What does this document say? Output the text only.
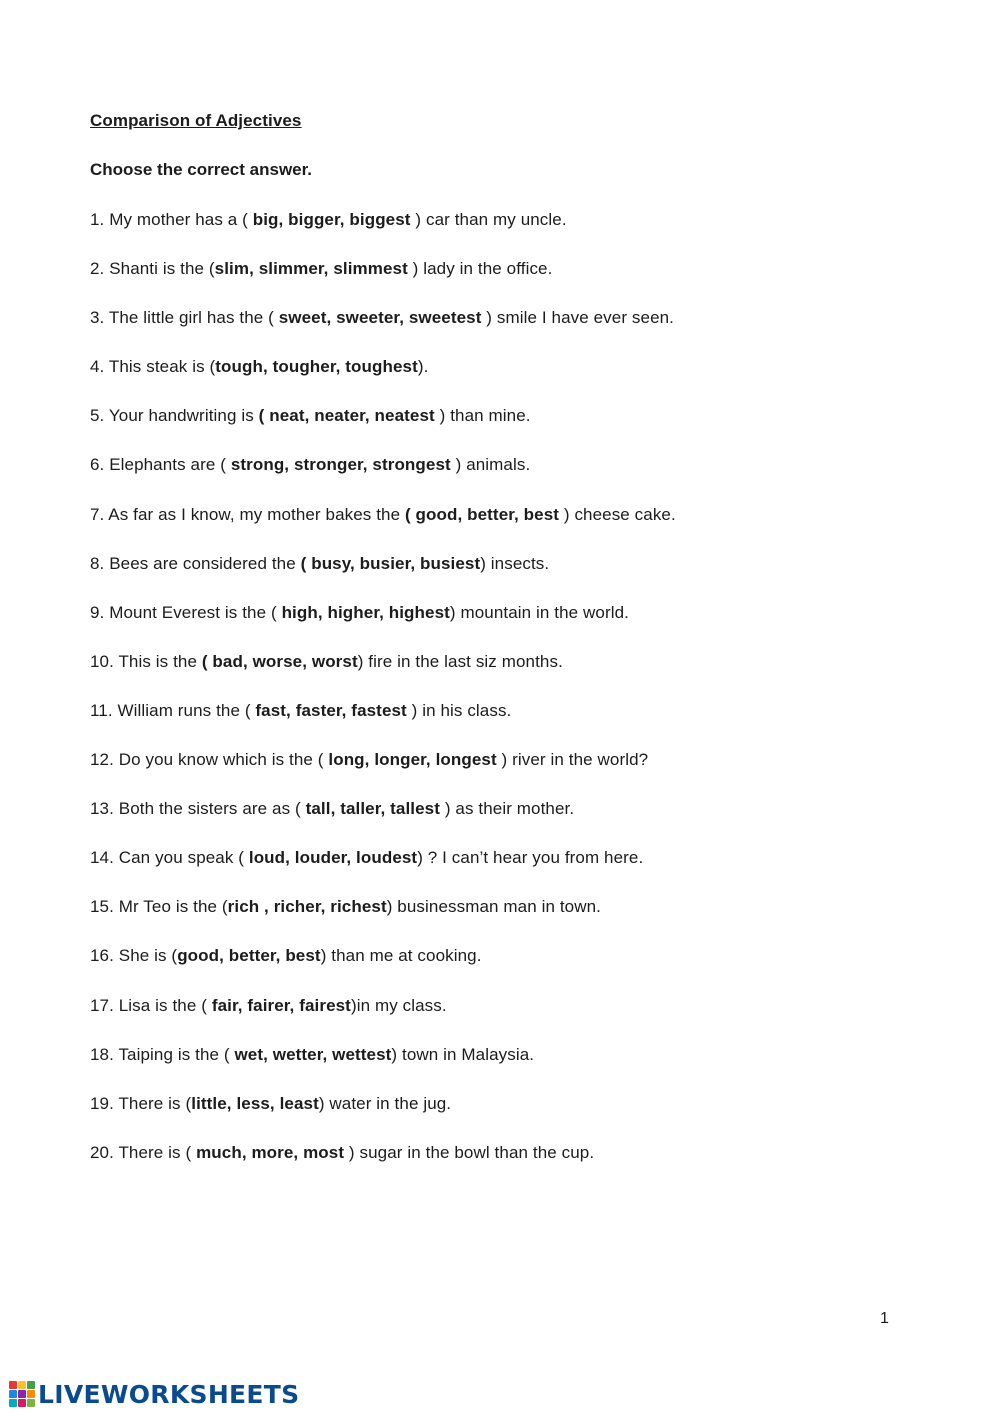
Comparison of Adjectives
Choose the correct answer.
1. My mother has a ( big, bigger, biggest ) car than my uncle.
2. Shanti is the (slim, slimmer, slimmest ) lady in the office.
3. The little girl has the ( sweet, sweeter, sweetest ) smile I have ever seen.
4. This steak is (tough, tougher, toughest).
5. Your handwriting is ( neat, neater, neatest ) than mine.
6. Elephants are ( strong, stronger, strongest ) animals.
7. As far as I know, my mother bakes the ( good, better, best ) cheese cake.
8. Bees are considered the ( busy, busier, busiest) insects.
9. Mount Everest is the ( high, higher, highest) mountain in the world.
10. This is the ( bad, worse, worst) fire in the last siz months.
11. William runs the ( fast, faster, fastest ) in his class.
12. Do you know which is the ( long, longer, longest ) river in the world?
13. Both the sisters are as ( tall, taller, tallest ) as their mother.
14. Can you speak ( loud, louder, loudest) ? I can’t hear you from here.
15. Mr Teo is the (rich , richer, richest) businessman man in town.
16. She is (good, better, best) than me at cooking.
17. Lisa is the ( fair, fairer, fairest)in my class.
18. Taiping is the ( wet, wetter, wettest) town in Malaysia.
19. There is (little, less, least) water in the jug.
20. There is ( much, more, most ) sugar in the bowl than the cup.
1
LIVEWORKSHEETS
